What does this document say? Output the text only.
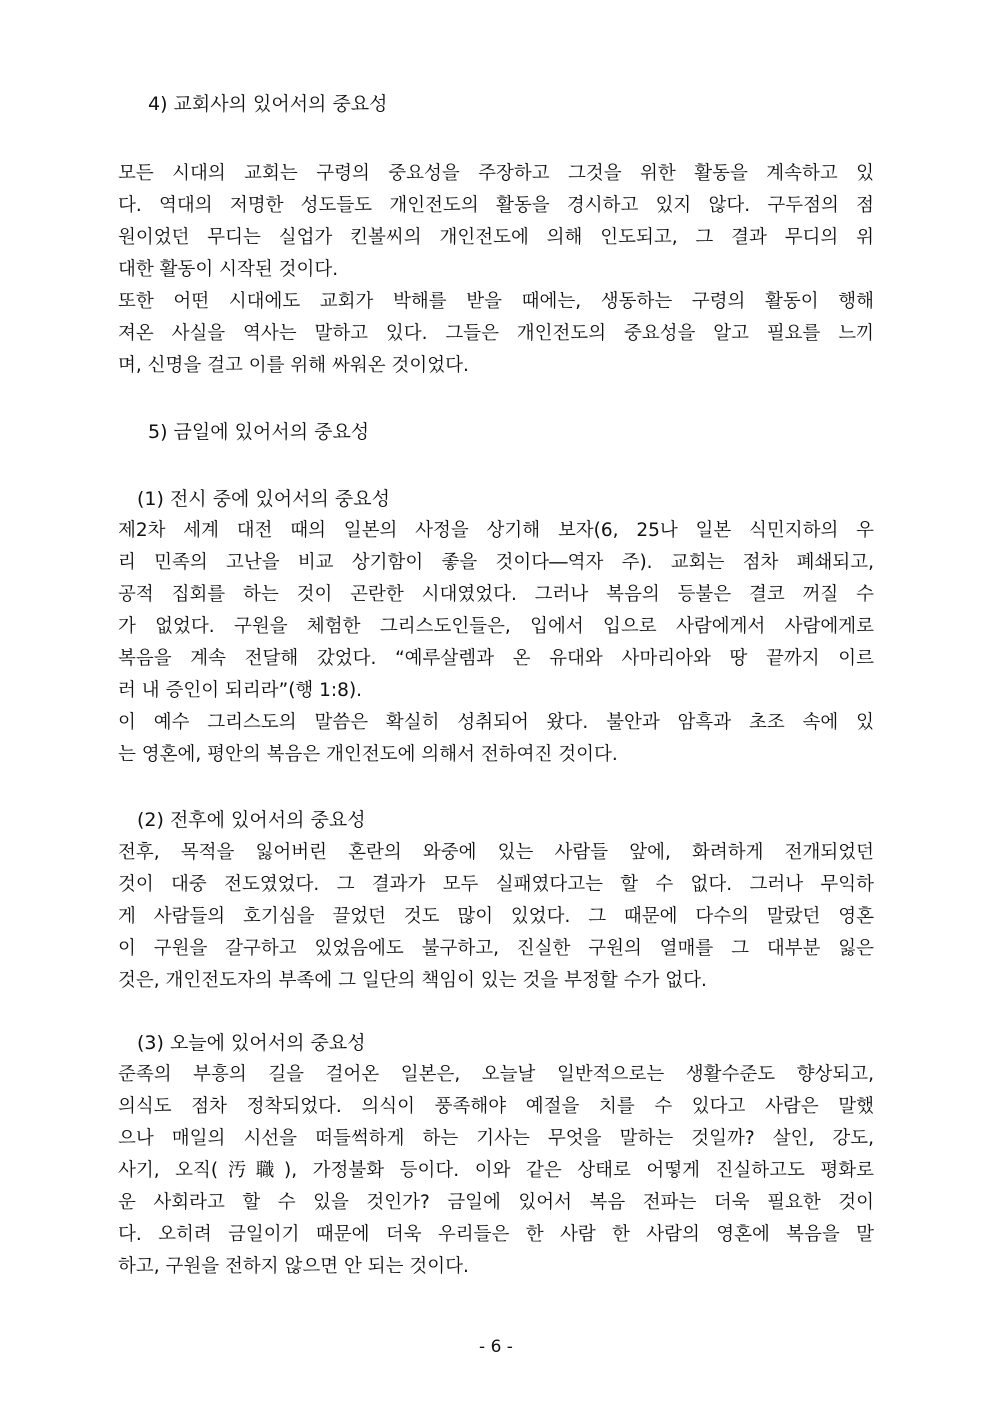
4) 교회사의 있어서의 중요성
모든 시대의 교회는 구령의 중요성을 주장하고 그것을 위한 활동을 계속하고 있
다. 역대의 저명한 성도들도 개인전도의 활동을 경시하고 있지 않다. 구두점의 점
원이었던 무디는 실업가 킨볼씨의 개인전도에 의해 인도되고, 그 결과 무디의 위
대한 활동이 시작된 것이다.
또한 어떤 시대에도 교회가 박해를 받을 때에는, 생동하는 구령의 활동이 행해
져온 사실을 역사는 말하고 있다. 그들은 개인전도의 중요성을 알고 필요를 느끼
며, 신명을 걸고 이를 위해 싸워온 것이었다.
5) 금일에 있어서의 중요성
(1) 전시 중에 있어서의 중요성
제2차 세계 대전 때의 일본의 사정을 상기해 보자(6, 25나 일본 식민지하의 우
리 민족의 고난을 비교 상기함이 좋을 것이다―역자 주). 교회는 점차 폐쇄되고,
공적 집회를 하는 것이 곤란한 시대였었다. 그러나 복음의 등불은 결코 꺼질 수
가 없었다. 구원을 체험한 그리스도인들은, 입에서 입으로 사람에게서 사람에게로
복음을 계속 전달해 갔었다. “예루살렘과 온 유대와 사마리아와 땅 끝까지 이르
러 내 증인이 되리라”(행 1:8).
이 예수 그리스도의 말씀은 확실히 성취되어 왔다. 불안과 암흑과 초조 속에 있
는 영혼에, 평안의 복음은 개인전도에 의해서 전하여진 것이다.
(2) 전후에 있어서의 중요성
전후, 목적을 잃어버린 혼란의 와중에 있는 사람들 앞에, 화려하게 전개되었던
것이 대중 전도였었다. 그 결과가 모두 실패였다고는 할 수 없다. 그러나 무익하
게 사람들의 호기심을 끌었던 것도 많이 있었다. 그 때문에 다수의 말랐던 영혼
이 구원을 갈구하고 있었음에도 불구하고, 진실한 구원의 열매를 그 대부분 잃은
것은, 개인전도자의 부족에 그 일단의 책임이 있는 것을 부정할 수가 없다.
(3) 오늘에 있어서의 중요성
준족의 부흥의 길을 걸어온 일본은, 오늘날 일반적으로는 생활수준도 향상되고,
의식도 점차 정착되었다. 의식이 풍족해야 예절을 치를 수 있다고 사람은 말했
으나 매일의 시선을 떠들썩하게 하는 기사는 무엇을 말하는 것일까? 살인, 강도,
사기, 오직(汚職), 가정불화 등이다. 이와 같은 상태로 어떻게 진실하고도 평화로
운 사회라고 할 수 있을 것인가? 금일에 있어서 복음 전파는 더욱 필요한 것이
다. 오히려 금일이기 때문에 더욱 우리들은 한 사람 한 사람의 영혼에 복음을 말
하고, 구원을 전하지 않으면 안 되는 것이다.
- 6 -
